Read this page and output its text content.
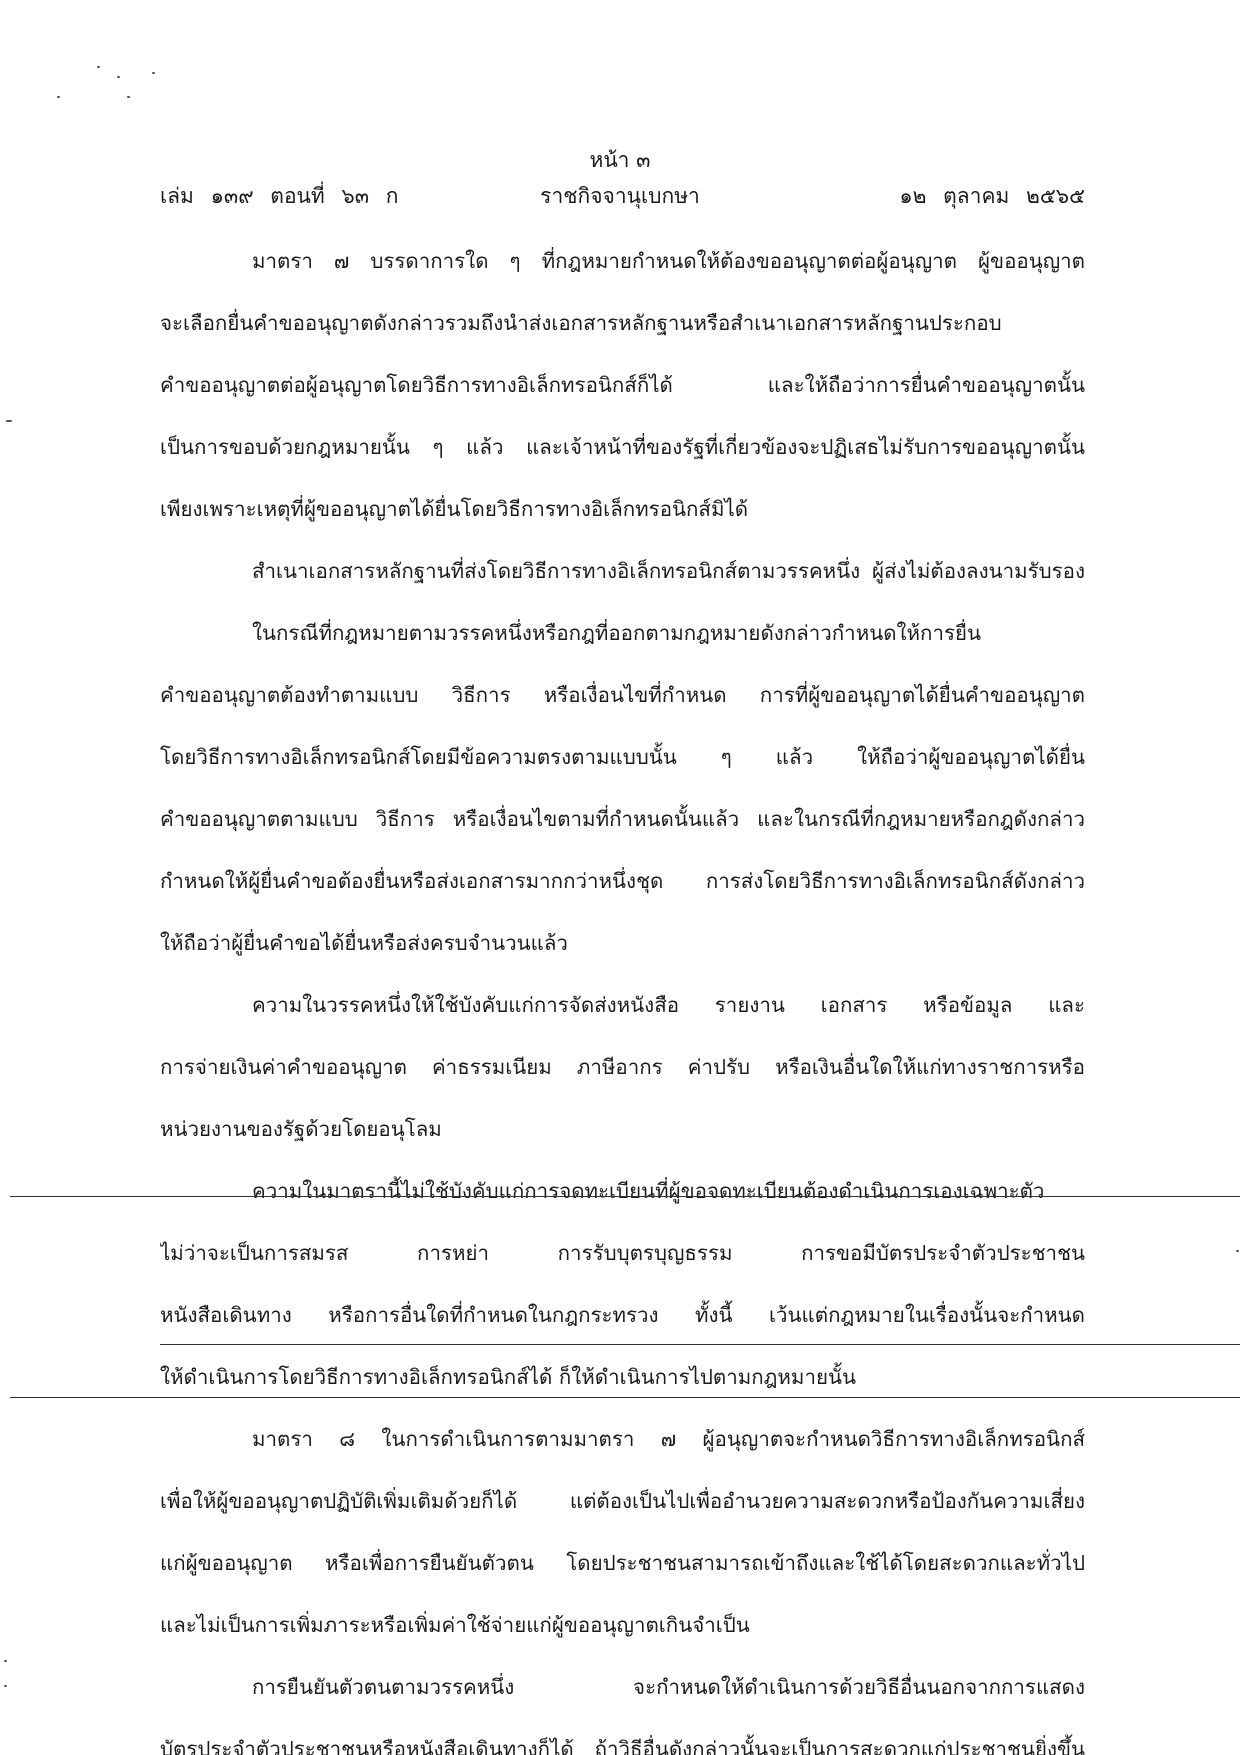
หน้า ๓
เล่ม ๑๓๙ ตอนที่ ๖๓ ก	ราชกิจจานุเบกษา	๑๒ ตุลาคม ๒๕๖๕
มาตรา ๗ บรรดาการใด ๆ ที่กฎหมายกำหนดให้ต้องขออนุญาตต่อผู้อนุญาต ผู้ขออนุญาต
จะเลือกยื่นคำขออนุญาตดังกล่าวรวมถึงนำส่งเอกสารหลักฐานหรือสำเนาเอกสารหลักฐานประกอบ
คำขออนุญาตต่อผู้อนุญาตโดยวิธีการทางอิเล็กทรอนิกส์ก็ได้ และให้ถือว่าการยื่นคำขออนุญาตนั้น
เป็นการขอบด้วยกฎหมายนั้น ๆ แล้ว และเจ้าหน้าที่ของรัฐที่เกี่ยวข้องจะปฏิเสธไม่รับการขออนุญาตนั้น
เพียงเพราะเหตุที่ผู้ขออนุญาตได้ยื่นโดยวิธีการทางอิเล็กทรอนิกส์มิได้
สำเนาเอกสารหลักฐานที่ส่งโดยวิธีการทางอิเล็กทรอนิกส์ตามวรรคหนึ่ง ผู้ส่งไม่ต้องลงนามรับรอง
ในกรณีที่กฎหมายตามวรรคหนึ่งหรือกฎที่ออกตามกฎหมายดังกล่าวกำหนดให้การยื่น
คำขออนุญาตต้องทำตามแบบ วิธีการ หรือเงื่อนไขที่กำหนด การที่ผู้ขออนุญาตได้ยื่นคำขออนุญาต
โดยวิธีการทางอิเล็กทรอนิกส์โดยมีข้อความตรงตามแบบนั้น ๆ แล้ว ให้ถือว่าผู้ขออนุญาตได้ยื่น
คำขออนุญาตตามแบบ วิธีการ หรือเงื่อนไขตามที่กำหนดนั้นแล้ว และในกรณีที่กฎหมายหรือกฎดังกล่าว
กำหนดให้ผู้ยื่นคำขอต้องยื่นหรือส่งเอกสารมากกว่าหนึ่งชุด การส่งโดยวิธีการทางอิเล็กทรอนิกส์ดังกล่าว
ให้ถือว่าผู้ยื่นคำขอได้ยื่นหรือส่งครบจำนวนแล้ว
ความในวรรคหนึ่งให้ใช้บังคับแก่การจัดส่งหนังสือ รายงาน เอกสาร หรือข้อมูล และ
การจ่ายเงินค่าคำขออนุญาต ค่าธรรมเนียม ภาษีอากร ค่าปรับ หรือเงินอื่นใดให้แก่ทางราชการหรือ
หน่วยงานของรัฐด้วยโดยอนุโลม
ความในมาตรานี้ไม่ใช้บังคับแก่การจดทะเบียนที่ผู้ขอจดทะเบียนต้องดำเนินการเองเฉพาะตัว
ไม่ว่าจะเป็นการสมรส การหย่า การรับบุตรบุญธรรม การขอมีบัตรประจำตัวประชาชน
หนังสือเดินทาง หรือการอื่นใดที่กำหนดในกฎกระทรวง ทั้งนี้ เว้นแต่กฎหมายในเรื่องนั้นจะกำหนด
ให้ดำเนินการโดยวิธีการทางอิเล็กทรอนิกส์ได้ ก็ให้ดำเนินการไปตามกฎหมายนั้น
มาตรา ๘ ในการดำเนินการตามมาตรา ๗ ผู้อนุญาตจะกำหนดวิธีการทางอิเล็กทรอนิกส์
เพื่อให้ผู้ขออนุญาตปฏิบัติเพิ่มเติมด้วยก็ได้ แต่ต้องเป็นไปเพื่ออำนวยความสะดวกหรือป้องกันความเสี่ยง
แก่ผู้ขออนุญาต หรือเพื่อการยืนยันตัวตน โดยประชาชนสามารถเข้าถึงและใช้ได้โดยสะดวกและทั่วไป
และไม่เป็นการเพิ่มภาระหรือเพิ่มค่าใช้จ่ายแก่ผู้ขออนุญาตเกินจำเป็น
การยืนยันตัวตนตามวรรคหนึ่ง จะกำหนดให้ดำเนินการด้วยวิธีอื่นนอกจากการแสดง
บัตรประจำตัวประชาชนหรือหนังสือเดินทางก็ได้ ถ้าวิธีอื่นดังกล่าวนั้นจะเป็นการสะดวกแก่ประชาชนยิ่งขึ้น
